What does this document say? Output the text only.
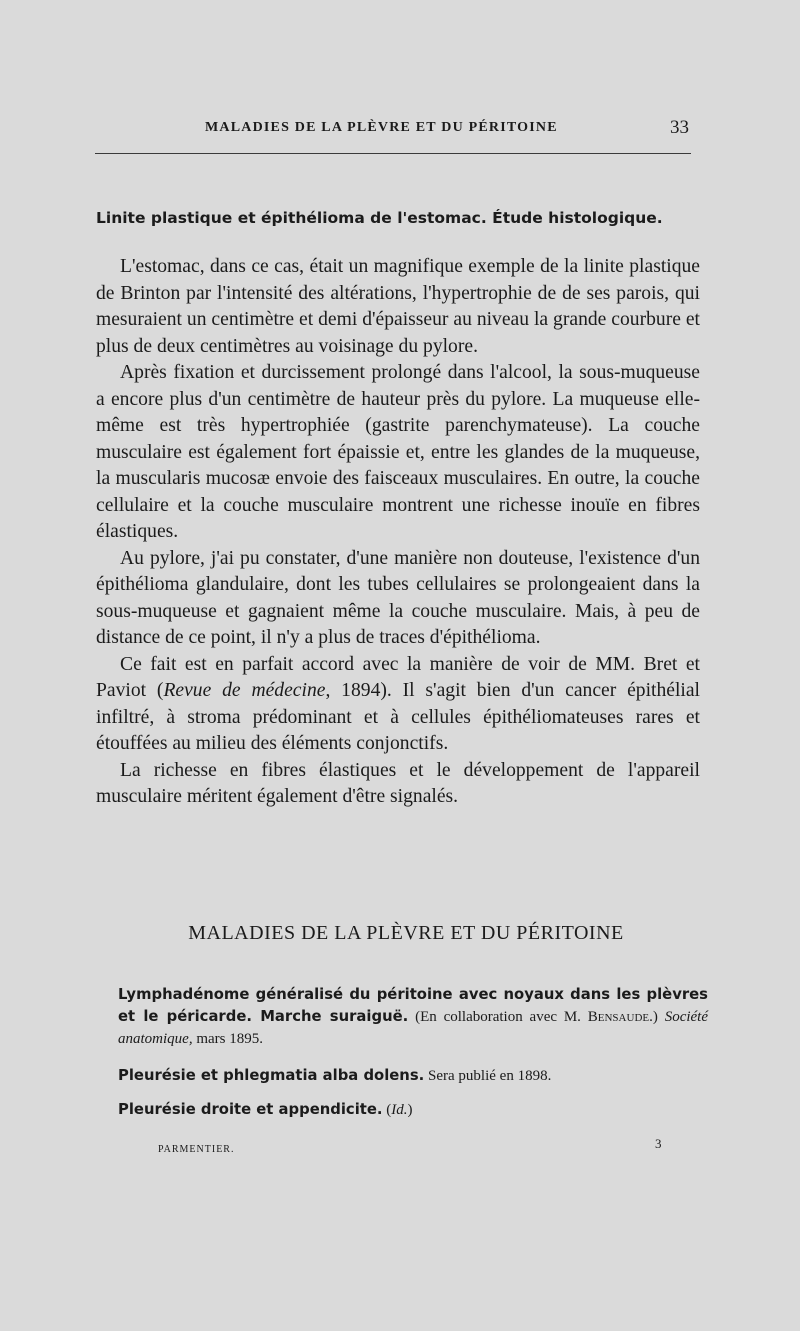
MALADIES DE LA PLÈVRE ET DU PÉRITOINE	33
Linite plastique et épithélioma de l'estomac. Étude histologique.

L'estomac, dans ce cas, était un magnifique exemple de la linite plastique de Brinton par l'intensité des altérations, l'hypertrophie de de ses parois, qui mesuraient un centimètre et demi d'épaisseur au niveau la grande courbure et plus de deux centimètres au voisinage du pylore.

Après fixation et durcissement prolongé dans l'alcool, la sous-muqueuse a encore plus d'un centimètre de hauteur près du pylore. La muqueuse elle-même est très hypertrophiée (gastrite parenchymateuse). La couche musculaire est également fort épaissie et, entre les glandes de la muqueuse, la muscularis mucosæ envoie des faisceaux musculaires. En outre, la couche cellulaire et la couche musculaire montrent une richesse inouïe en fibres élastiques.

Au pylore, j'ai pu constater, d'une manière non douteuse, l'existence d'un épithélioma glandulaire, dont les tubes cellulaires se prolongeaient dans la sous-muqueuse et gagnaient même la couche musculaire. Mais, à peu de distance de ce point, il n'y a plus de traces d'épithélioma.

Ce fait est en parfait accord avec la manière de voir de MM. Bret et Paviot (Revue de médecine, 1894). Il s'agit bien d'un cancer épithélial infiltré, à stroma prédominant et à cellules épithéliomateuses rares et étouffées au milieu des éléments conjonctifs.

La richesse en fibres élastiques et le développement de l'appareil musculaire méritent également d'être signalés.

MALADIES DE LA PLÈVRE ET DU PÉRITOINE
Lymphadénome généralisé du péritoine avec noyaux dans les plèvres et le péricarde. Marche suraiguë. (En collaboration avec M. Bensaude.) Société anatomique, mars 1895.
Pleurésie et phlegmatia alba dolens. Sera publié en 1898.
Pleurésie droite et appendicite. (Id.)
PARMENTIER.	3
